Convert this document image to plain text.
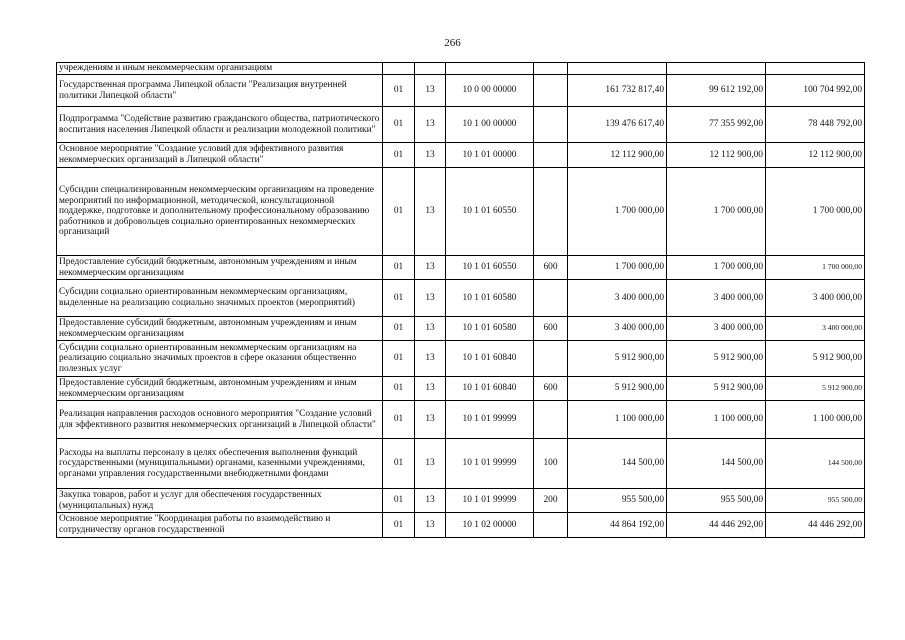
266
учреждениям и иным некоммерческим организациям							
Государственная программа Липецкой области "Реализация внутренней политики Липецкой области"	01	13	10 0 00 00000		161 732 817,40	99 612 192,00	100 704 992,00
Подпрограмма "Содействие развитию гражданского общества, патриотического воспитания населения Липецкой области и реализации молодежной политики"	01	13	10 1 00 00000		139 476 617,40	77 355 992,00	78 448 792,00
Основное мероприятие "Создание условий для эффективного развития некоммерческих организаций в Липецкой области"	01	13	10 1 01 00000		12 112 900,00	12 112 900,00	12 112 900,00
Субсидии специализированным некоммерческим организациям на проведение мероприятий по информационной, методической, консультационной поддержке, подготовке и дополнительному профессиональному образованию работников и добровольцев социально ориентированных некоммерческих организаций	01	13	10 1 01 60550		1 700 000,00	1 700 000,00	1 700 000,00
Предоставление субсидий бюджетным, автономным учреждениям и иным некоммерческим организациям	01	13	10 1 01 60550	600	1 700 000,00	1 700 000,00	1 700 000,00
Субсидии социально ориентированным некоммерческим организациям, выделенные на реализацию социально значимых проектов (мероприятий)	01	13	10 1 01 60580		3 400 000,00	3 400 000,00	3 400 000,00
Предоставление субсидий бюджетным, автономным учреждениям и иным некоммерческим организациям	01	13	10 1 01 60580	600	3 400 000,00	3 400 000,00	3 400 000,00
Субсидии социально ориентированным некоммерческим организациям на реализацию социально значимых проектов в сфере оказания общественно полезных услуг	01	13	10 1 01 60840		5 912 900,00	5 912 900,00	5 912 900,00
Предоставление субсидий бюджетным, автономным учреждениям и иным некоммерческим организациям	01	13	10 1 01 60840	600	5 912 900,00	5 912 900,00	5 912 900,00
Реализация направления расходов основного мероприятия "Создание условий для эффективного развития некоммерческих организаций в Липецкой области"	01	13	10 1 01 99999		1 100 000,00	1 100 000,00	1 100 000,00
Расходы на выплаты персоналу в целях обеспечения выполнения функций государственными (муниципальными) органами, казенными учреждениями, органами управления государственными внебюджетными фондами	01	13	10 1 01 99999	100	144 500,00	144 500,00	144 500,00
Закупка товаров, работ и услуг для обеспечения государственных (муниципальных) нужд	01	13	10 1 01 99999	200	955 500,00	955 500,00	955 500,00
Основное мероприятие "Координация работы по взаимодействию и сотрудничеству органов государственной	01	13	10 1 02 00000		44 864 192,00	44 446 292,00	44 446 292,00
